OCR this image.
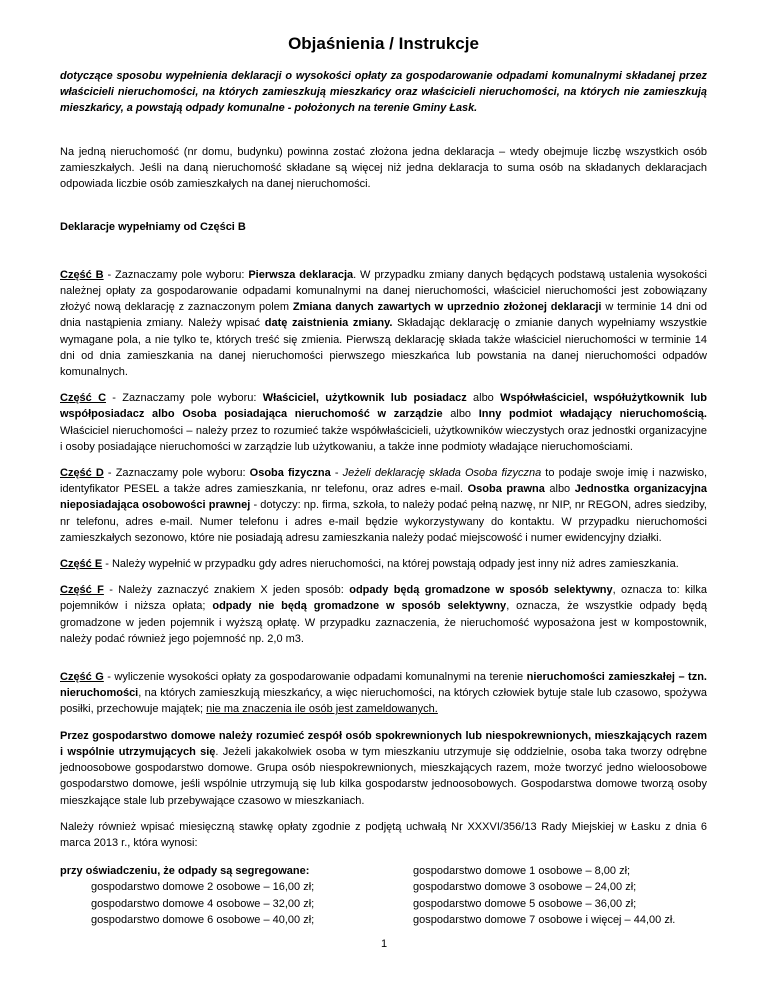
Objaśnienia / Instrukcje
dotyczące sposobu wypełnienia deklaracji o wysokości opłaty za gospodarowanie odpadami komunalnymi składanej przez właścicieli nieruchomości, na których zamieszkują mieszkańcy oraz właścicieli nieruchomości, na których nie zamieszkują mieszkańcy, a powstają odpady komunalne - położonych na terenie Gminy Łask.

Na jedną nieruchomość (nr domu, budynku) powinna zostać złożona jedna deklaracja – wtedy obejmuje liczbę wszystkich osób zamieszkałych. Jeśli na daną nieruchomość składane są więcej niż jedna deklaracja to suma osób na składanych deklaracjach odpowiada liczbie osób zamieszkałych na danej nieruchomości.

Deklaracje wypełniamy od Części B

Część B - Zaznaczamy pole wyboru: Pierwsza deklaracja. W przypadku zmiany danych będących podstawą ustalenia wysokości należnej opłaty za gospodarowanie odpadami komunalnymi na danej nieruchomości, właściciel nieruchomości jest zobowiązany złożyć nową deklarację z zaznaczonym polem Zmiana danych zawartych w uprzednio złożonej deklaracji w terminie 14 dni od dnia nastąpienia zmiany. Należy wpisać datę zaistnienia zmiany. Składając deklarację o zmianie danych wypełniamy wszystkie wymagane pola, a nie tylko te, których treść się zmienia. Pierwszą deklarację składa także właściciel nieruchomości w terminie 14 dni od dnia zamieszkania na danej nieruchomości pierwszego mieszkańca lub powstania na danej nieruchomości odpadów komunalnych.

Część C - Zaznaczamy pole wyboru: Właściciel, użytkownik lub posiadacz albo Współwłaściciel, współużytkownik lub współposiadacz albo Osoba posiadająca nieruchomość w zarządzie albo Inny podmiot władający nieruchomością. Właściciel nieruchomości – należy przez to rozumieć także współwłaścicieli, użytkowników wieczystych oraz jednostki organizacyjne i osoby posiadające nieruchomości w zarządzie lub użytkowaniu, a także inne podmioty władające nieruchomościami.

Część D - Zaznaczamy pole wyboru: Osoba fizyczna - Jeżeli deklarację składa Osoba fizyczna to podaje swoje imię i nazwisko, identyfikator PESEL a także adres zamieszkania, nr telefonu, oraz adres e-mail. Osoba prawna albo Jednostka organizacyjna nieposiadająca osobowości prawnej - dotyczy: np. firma, szkoła, to należy podać pełną nazwę, nr NIP, nr REGON, adres siedziby, nr telefonu, adres e-mail. Numer telefonu i adres e-mail będzie wykorzystywany do kontaktu. W przypadku nieruchomości zamieszkałych sezonowo, które nie posiadają adresu zamieszkania należy podać miejscowość i numer ewidencyjny działki.

Część E - Należy wypełnić w przypadku gdy adres nieruchomości, na której powstają odpady jest inny niż adres zamieszkania.

Część F - Należy zaznaczyć znakiem X jeden sposób: odpady będą gromadzone w sposób selektywny, oznacza to: kilka pojemników i niższa opłata; odpady nie będą gromadzone w sposób selektywny, oznacza, że wszystkie odpady będą gromadzone w jeden pojemnik i wyższą opłatę. W przypadku zaznaczenia, że nieruchomość wyposażona jest w kompostownik, należy podać również jego pojemność np. 2,0 m3.

Część G - wyliczenie wysokości opłaty za gospodarowanie odpadami komunalnymi na terenie nieruchomości zamieszkałej – tzn. nieruchomości, na których zamieszkują mieszkańcy, a więc nieruchomości, na których człowiek bytuje stale lub czasowo, spożywa posiłki, przechowuje majątek; nie ma znaczenia ile osób jest zameldowanych.

Przez gospodarstwo domowe należy rozumieć zespół osób spokrewnionych lub niespokrewnionych, mieszkających razem i wspólnie utrzymujących się. Jeżeli jakakolwiek osoba w tym mieszkaniu utrzymuje się oddzielnie, osoba taka tworzy odrębne jednoosobowe gospodarstwo domowe. Grupa osób niespokrewnionych, mieszkających razem, może tworzyć jedno wieloosobowe gospodarstwo domowe, jeśli wspólnie utrzymują się lub kilka gospodarstw jednoosobowych. Gospodarstwa domowe tworzą osoby mieszkające stale lub przebywające czasowo w mieszkaniach.

Należy również wpisać miesięczną stawkę opłaty zgodnie z podjętą uchwałą Nr XXXVI/356/13 Rady Miejskiej w Łasku z dnia 6 marca 2013 r., która wynosi:

przy oświadczeniu, że odpady są segregowane:
gospodarstwo domowe 2 osobowe – 16,00 zł;
gospodarstwo domowe 4 osobowe – 32,00 zł;
gospodarstwo domowe 6 osobowe – 40,00 zł;
gospodarstwo domowe 1 osobowe – 8,00 zł;
gospodarstwo domowe 3 osobowe – 24,00 zł;
gospodarstwo domowe 5 osobowe – 36,00 zł;
gospodarstwo domowe 7 osobowe i więcej – 44,00 zł.
1
